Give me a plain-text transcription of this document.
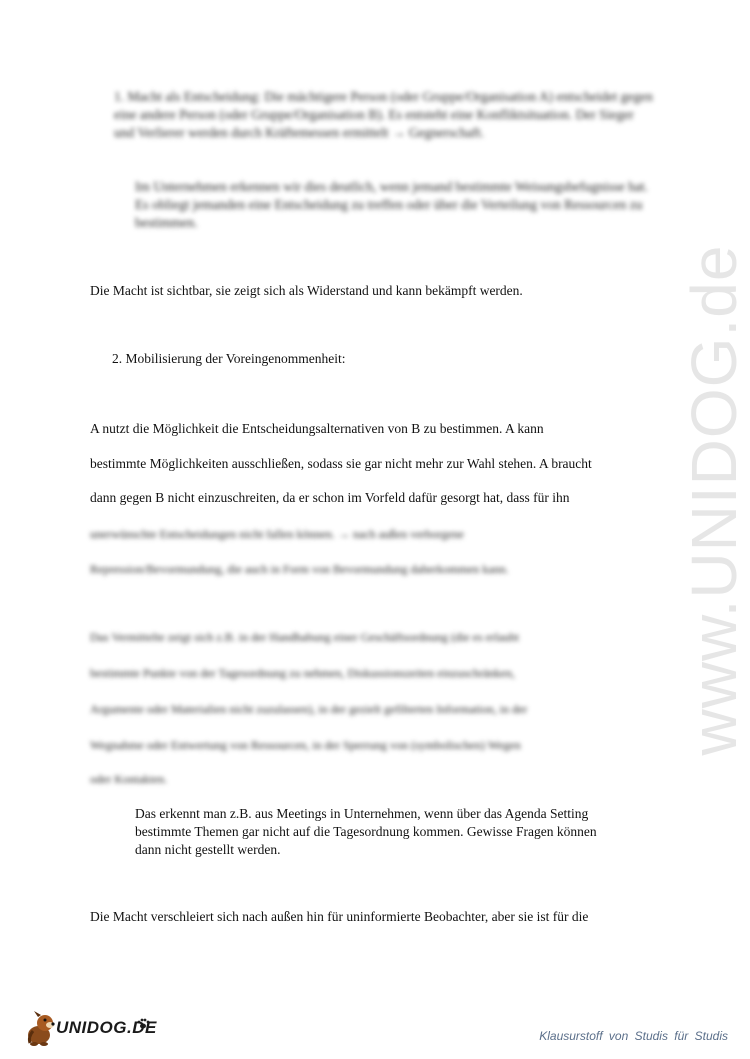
1. Macht als Entscheidung: Die mächtigere Person (oder Gruppe/Organisation A) entscheidet gegen eine andere Person (oder Gruppe/Organisation B). Es entsteht eine Konfliktsituation. Der Sieger und Verlierer werden durch Kräftemessen ermittelt → Gegnerschaft.
Im Unternehmen erkennen wir dies deutlich, wenn jemand bestimmte Weisungsbefugnisse hat. Es obliegt jemanden eine Entscheidung zu treffen oder über die Verteilung von Ressourcen zu bestimmen.
Die Macht ist sichtbar, sie zeigt sich als Widerstand und kann bekämpft werden.
2. Mobilisierung der Voreingenommenheit:
A nutzt die Möglichkeit die Entscheidungsalternativen von B zu bestimmen. A kann
bestimmte Möglichkeiten ausschließen, sodass sie gar nicht mehr zur Wahl stehen. A braucht
dann gegen B nicht einzuschreiten, da er schon im Vorfeld dafür gesorgt hat, dass für ihn
unerwünschte Entscheidungen nicht fallen können. → nach außen verborgene
Repression/Bevormundung, die auch in Form von Bevormundung daherkommen kann.
Das Vermittelte zeigt sich z.B. in der Handhabung einer Geschäftsordnung (die es erlaubt
bestimmte Punkte von der Tagesordnung zu nehmen, Diskussionszeiten einzuschränken,
Argumente oder Materialien nicht zuzulassen), in der gezielt gefilterten Information, in der
Wegnahme oder Entwertung von Ressourcen, in der Sperrung von (symbolischen) Wegen
oder Kontakten.
Das erkennt man z.B. aus Meetings in Unternehmen, wenn über das Agenda Setting
bestimmte Themen gar nicht auf die Tagesordnung kommen. Gewisse Fragen können
dann nicht gestellt werden.
Die Macht verschleiert sich nach außen hin für uninformierte Beobachter, aber sie ist für die
www.UNIDOG.de
UNIDOG.DE	Klausurstoff von Studis für Studis
